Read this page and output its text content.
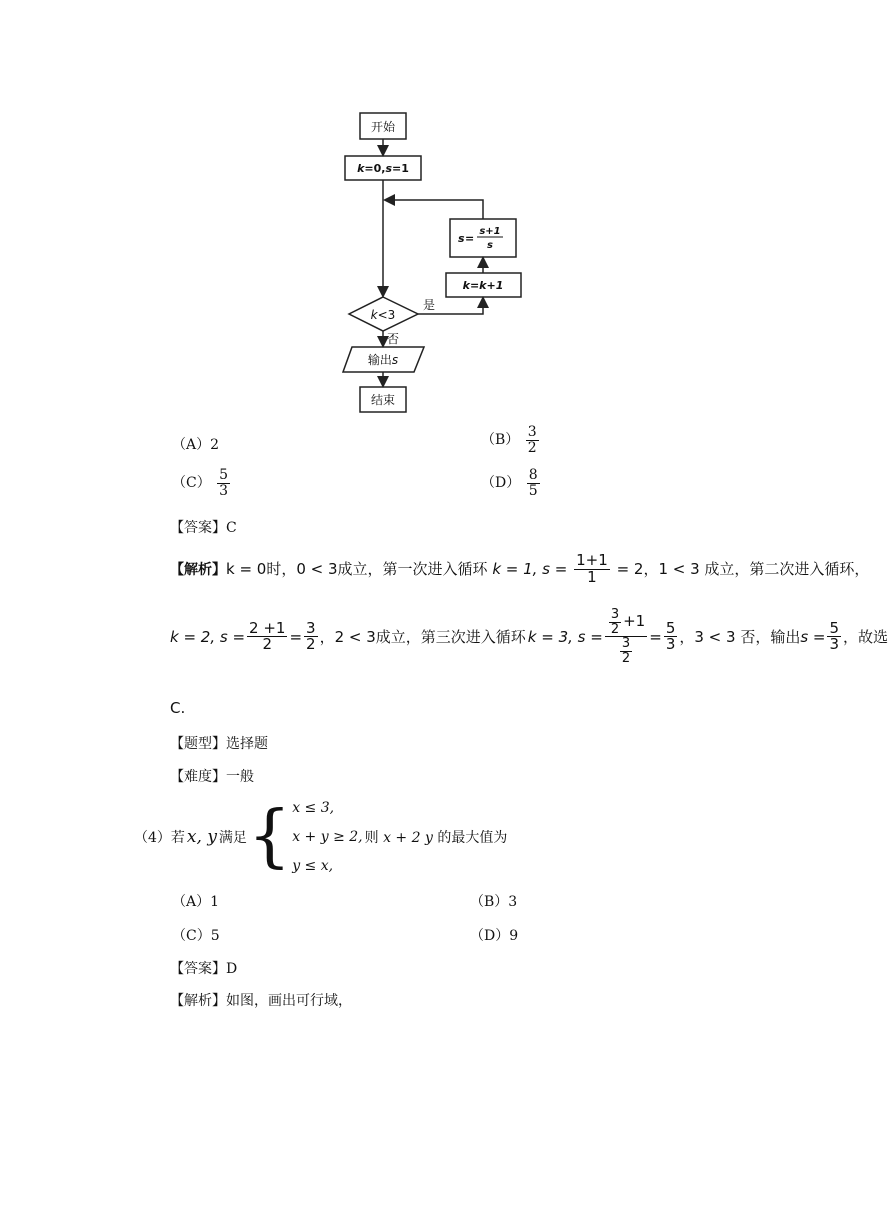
开始
k=0,s=1
s =
s+1
s
k=k+1
k<3
是
否
输出s
结束
（A）2	$(B) \frac{3}{2}$
$(C) \frac{5}{3}$	$(D) \frac{8}{5}$
【答案】C
【解析】k = 0时，0 < 3成立，第一次进入循环 k = 1, $s = \frac{1+1}{1} = 2$，1 < 3 成立，第二次进入循环，
k = 2, $s = \frac{2 +1}{2} = \frac{3}{2}$ ，2 < 3成立，第三次进入循环 k = 3, $s = \frac{\frac{3}{2} +1}{\frac{3}{2}} = \frac{5}{3}$ ，3 < 3 否，输出 $s = \frac{5}{3}$ ，故选
C.
【题型】选择题
【难度】一般
（4）若 x, y 满足 { x ≤ 3,
x + y ≥ 2,
y ≤ x,
则 x + 2 y 的最大值为
（A）1	（B）3
（C）5	（D）9
【答案】D
【解析】如图，画出可行域，
